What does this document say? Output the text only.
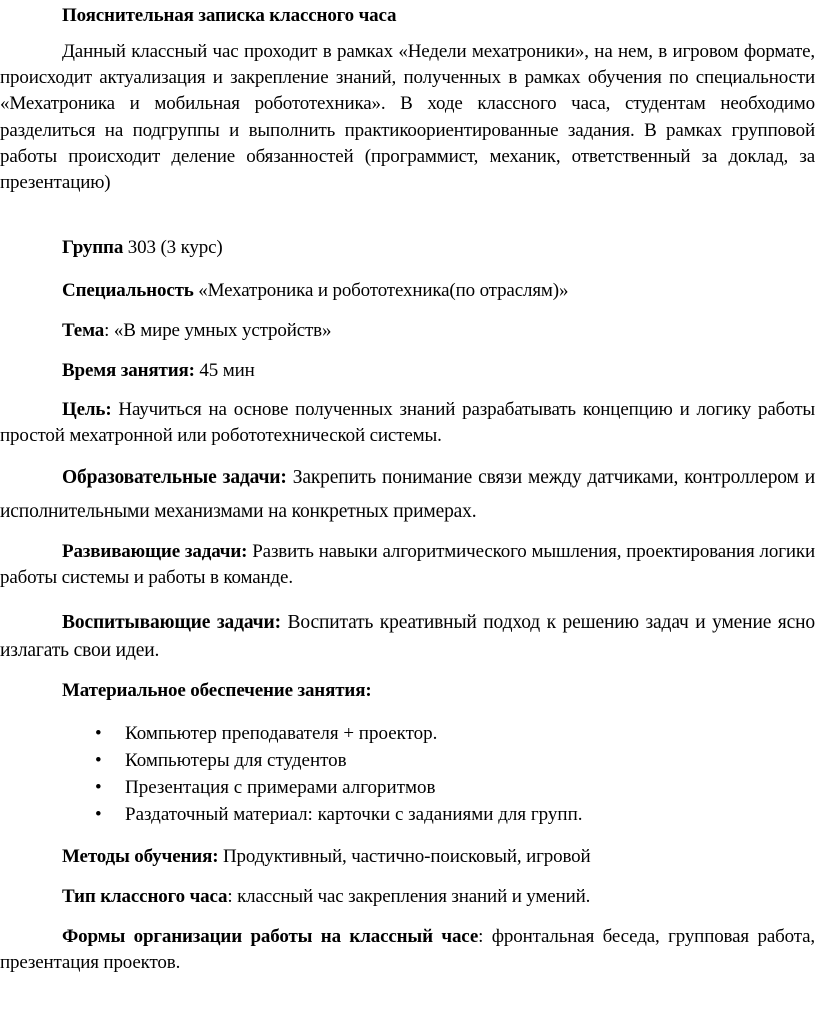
Пояснительная записка классного часа

Данный классный час проходит в рамках «Недели мехатроники», на нем, в игровом формате, происходит актуализация и закрепление знаний, полученных в рамках обучения по специальности «Мехатроника и мобильная робототехника». В ходе классного часа, студентам необходимо разделиться на подгруппы и выполнить практикоориентированные задания. В рамках групповой работы происходит деление обязанностей (программист, механик, ответственный за доклад, за презентацию)

Группа 303 (3 курс)

Специальность «Мехатроника и робототехника(по отраслям)»

Тема: «В мире умных устройств»

Время занятия: 45 мин

Цель: Научиться на основе полученных знаний разрабатывать концепцию и логику работы простой мехатронной или робототехнической системы.

Образовательные задачи: Закрепить понимание связи между датчиками, контроллером и исполнительными механизмами на конкретных примерах.

Развивающие задачи: Развить навыки алгоритмического мышления, проектирования логики работы системы и работы в команде.

Воспитывающие задачи: Воспитать креативный подход к решению задач и умение ясно излагать свои идеи.

Материальное обеспечение занятия:

• Компьютер преподавателя + проектор.
• Компьютеры для студентов
• Презентация с примерами алгоритмов
• Раздаточный материал: карточки с заданиями для групп.

Методы обучения: Продуктивный, частично-поисковый, игровой

Тип классного часа: классный час закрепления знаний и умений.

Формы организации работы на классный часе: фронтальная беседа, групповая работа, презентация проектов.
